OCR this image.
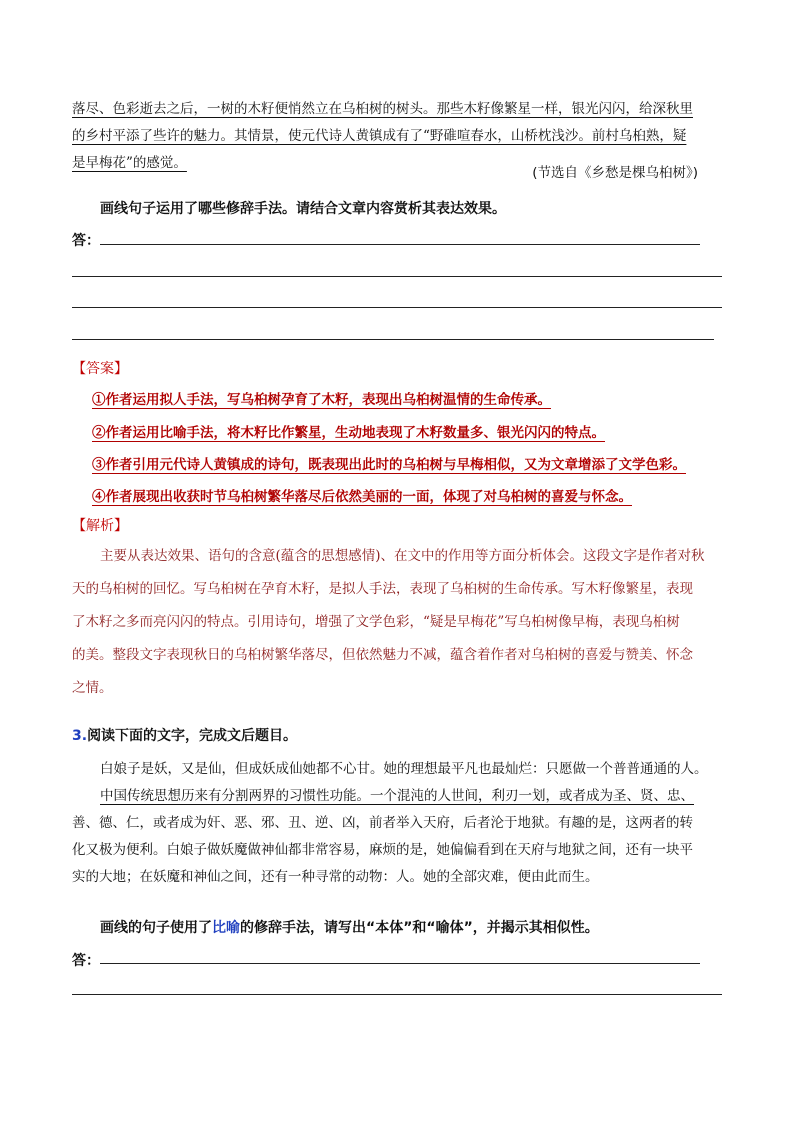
落尽、色彩逝去之后，一树的木籽便悄然立在乌桕树的树头。那些木籽像繁星一样，银光闪闪，给深秋里
的乡村平添了些许的魅力。其情景，使元代诗人黄镇成有了“野碓喧春水，山桥枕浅沙。前村乌桕熟，疑
是早梅花”的感觉。
(节选自《乡愁是棵乌桕树》)
画线句子运用了哪些修辞手法。请结合文章内容赏析其表达效果。
答：
【答案】
①作者运用拟人手法，写乌桕树孕育了木籽，表现出乌桕树温情的生命传承。
②作者运用比喻手法，将木籽比作繁星，生动地表现了木籽数量多、银光闪闪的特点。
③作者引用元代诗人黄镇成的诗句，既表现出此时的乌桕树与早梅相似，又为文章增添了文学色彩。
④作者展现出收获时节乌桕树繁华落尽后依然美丽的一面，体现了对乌桕树的喜爱与怀念。
【解析】
主要从表达效果、语句的含意(蕴含的思想感情)、在文中的作用等方面分析体会。这段文字是作者对秋
天的乌桕树的回忆。写乌桕树在孕育木籽，是拟人手法，表现了乌桕树的生命传承。写木籽像繁星，表现
了木籽之多而亮闪闪的特点。引用诗句，增强了文学色彩，“疑是早梅花”写乌桕树像早梅，表现乌桕树
的美。整段文字表现秋日的乌桕树繁华落尽，但依然魅力不减，蕴含着作者对乌桕树的喜爱与赞美、怀念
之情。
3.阅读下面的文字，完成文后题目。
白娘子是妖，又是仙，但成妖成仙她都不心甘。她的理想最平凡也最灿烂：只愿做一个普普通通的人。
中国传统思想历来有分割两界的习惯性功能。一个混沌的人世间，利刃一划，或者成为圣、贤、忠、
善、德、仁，或者成为奸、恶、邪、丑、逆、凶，前者举入天府，后者沦于地狱。有趣的是，这两者的转
化又极为便利。白娘子做妖魔做神仙都非常容易，麻烦的是，她偏偏看到在天府与地狱之间，还有一块平
实的大地；在妖魔和神仙之间，还有一种寻常的动物：人。她的全部灾难，便由此而生。
画线的句子使用了比喻的修辞手法，请写出“本体”和“喻体”，并揭示其相似性。
答：
